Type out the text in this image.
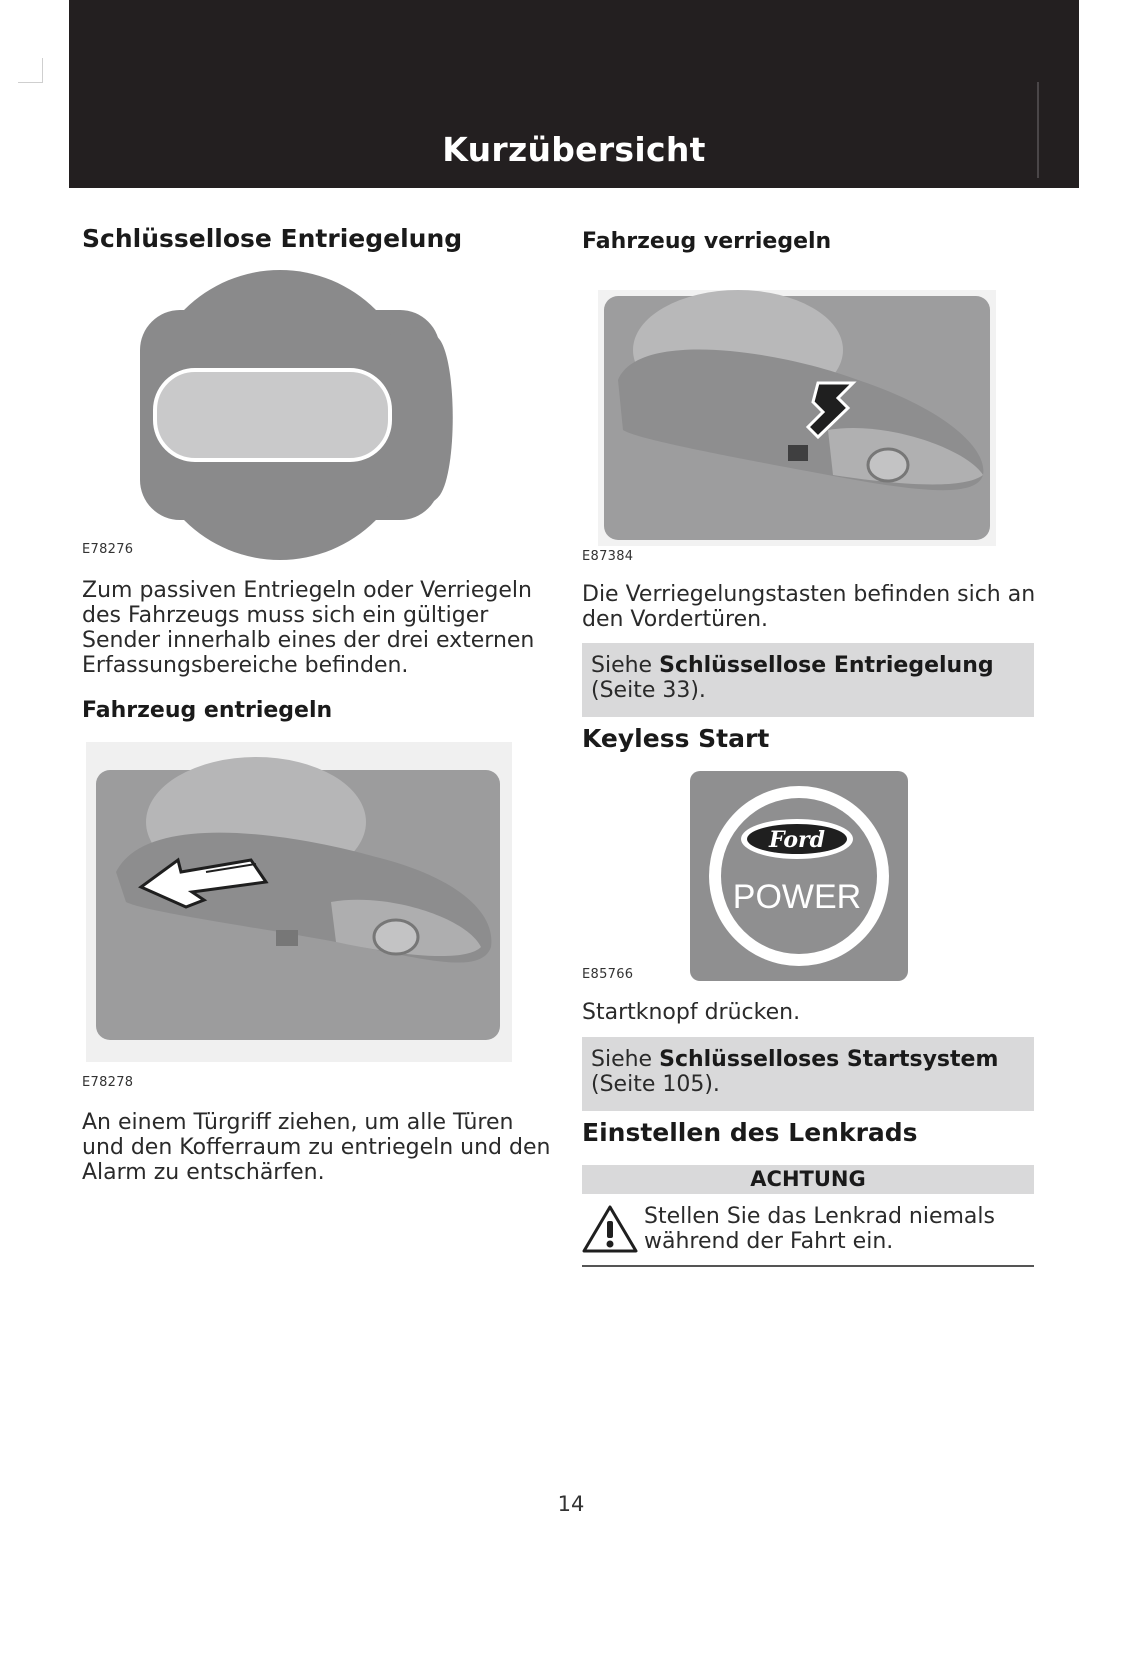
Kurzübersicht
Schlüssellose Entriegelung
E78276

Zum passiven Entriegeln oder Verriegeln
des Fahrzeugs muss sich ein gültiger
Sender innerhalb eines der drei externen
Erfassungsbereiche befinden.

Fahrzeug entriegeln
E78278

An einem Türgriff ziehen, um alle Türen
und den Kofferraum zu entriegeln und den
Alarm zu entschärfen.

Fahrzeug verriegeln
E87384

Die Verriegelungstasten befinden sich an
den Vordertüren.

Siehe Schlüssellose Entriegelung
(Seite 33).
Keyless Start
Ford
POWER
E85766

Startknopf drücken.

Siehe Schlüsselloses Startsystem
(Seite 105).
Einstellen des Lenkrads
ACHTUNG
Stellen Sie das Lenkrad niemals
während der Fahrt ein.
14
